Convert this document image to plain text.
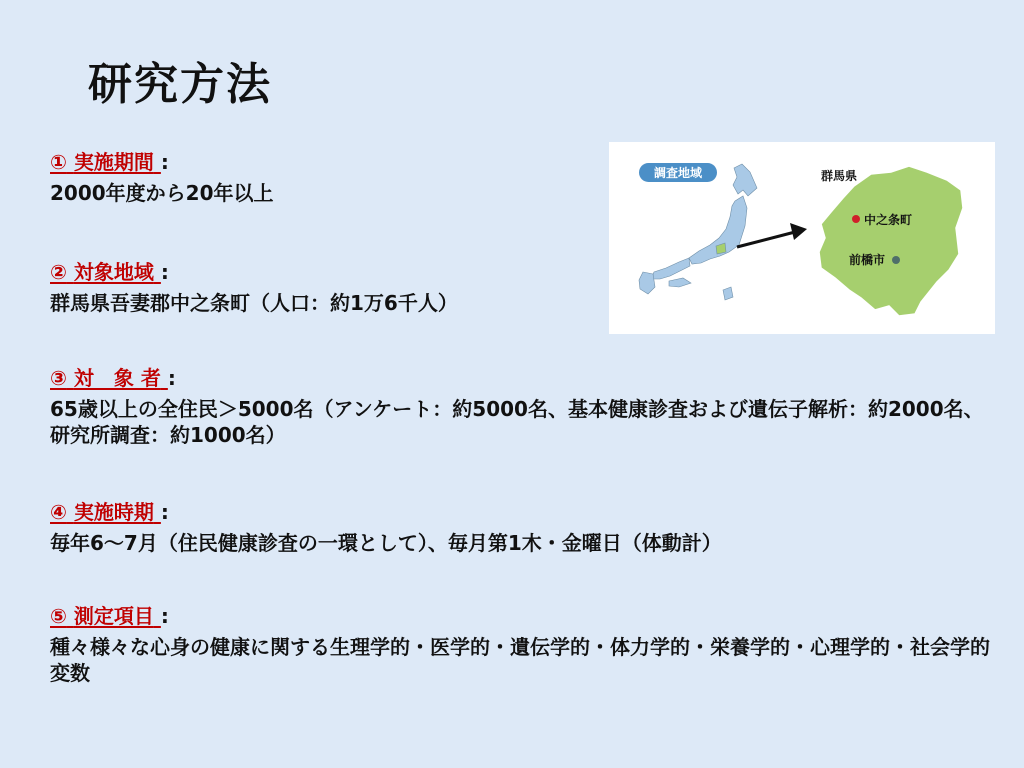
研究方法
① 実施期間 :
2000年度から20年以上
② 対象地域 :
群馬県吾妻郡中之条町（人口：約1万6千人）
③ 対　象 者 :
65歳以上の全住民＞5000名（アンケート：約5000名、基本健康診査および遺伝子解析：約2000名、研究所調査：約1000名）
④ 実施時期 :
毎年6～7月（住民健康診査の一環として）、毎月第1木・金曜日（体動計）
⑤ 測定項目 :
種々様々な心身の健康に関する生理学的・医学的・遺伝学的・体力学的・栄養学的・心理学的・社会学的変数
調査地域	群馬県
中之条町
前橋市
